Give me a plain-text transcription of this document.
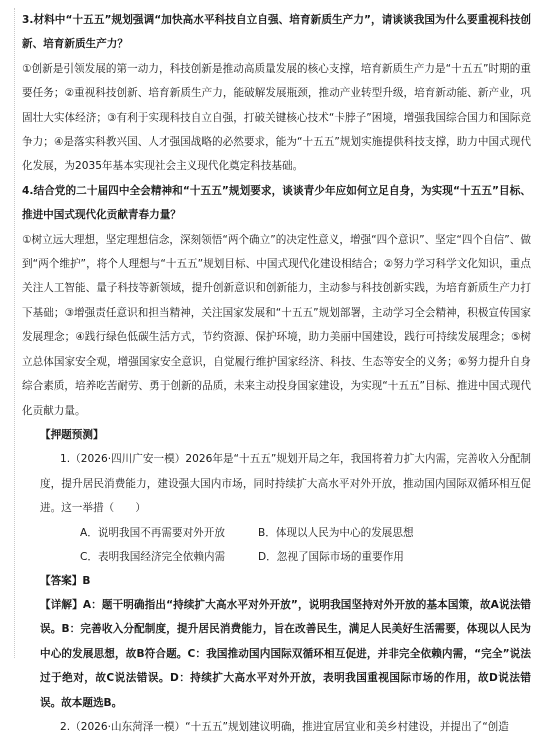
3.材料中“十五五”规划强调“加快高水平科技自立自强、培育新质生产力”，请谈谈我国为什么要重视科技创新、培育新质生产力？

①创新是引领发展的第一动力，科技创新是推动高质量发展的核心支撑，培育新质生产力是“十五五”时期的重要任务；②重视科技创新、培育新质生产力，能破解发展瓶颈，推动产业转型升级，培育新动能、新产业，巩固壮大实体经济；③有利于实现科技自立自强，打破关键核心技术“卡脖子”困境，增强我国综合国力和国际竞争力；④是落实科教兴国、人才强国战略的必然要求，能为“十五五”规划实施提供科技支撑，助力中国式现代化发展，为2035年基本实现社会主义现代化奠定科技基础。

4.结合党的二十届四中全会精神和“十五五”规划要求，谈谈青少年应如何立足自身，为实现“十五五”目标、推进中国式现代化贡献青春力量？

①树立远大理想，坚定理想信念，深刻领悟“两个确立”的决定性意义，增强“四个意识”、坚定“四个自信”、做到“两个维护”，将个人理想与“十五五”规划目标、中国式现代化建设相结合；②努力学习科学文化知识，重点关注人工智能、量子科技等新领域，提升创新意识和创新能力，主动参与科技创新实践，为培育新质生产力打下基础；③增强责任意识和担当精神，关注国家发展和“十五五”规划部署，主动学习全会精神，积极宣传国家发展理念；④践行绿色低碳生活方式，节约资源、保护环境，助力美丽中国建设，践行可持续发展理念；⑤树立总体国家安全观，增强国家安全意识，自觉履行维护国家经济、科技、生态等安全的义务；⑥努力提升自身综合素质，培养吃苦耐劳、勇于创新的品质，未来主动投身国家建设，为实现“十五五”目标、推进中国式现代化贡献力量。

【押题预测】

1.（2026·四川广安一模）2026年是“十五五”规划开局之年，我国将着力扩大内需，完善收入分配制度，提升居民消费能力，建设强大国内市场，同时持续扩大高水平对外开放，推动国内国际双循环相互促进。这一举措（　　）

A．说明我国不再需要对外开放	B．体现以人民为中心的发展思想
C．表明我国经济完全依赖内需	D．忽视了国际市场的重要作用

【答案】B

【详解】A：题干明确指出“持续扩大高水平对外开放”，说明我国坚持对外开放的基本国策，故A说法错误。B：完善收入分配制度，提升居民消费能力，旨在改善民生，满足人民美好生活需要，体现以人民为中心的发展思想，故B符合题。C：我国推动国内国际双循环相互促进，并非完全依赖内需，“完全”说法过于绝对，故C说法错误。D：持续扩大高水平对外开放，表明我国重视国际市场的作用，故D说法错误。故本题选B。

2.（2026·山东菏泽一模）“十五五”规划建议明确，推进宜居宜业和美乡村建设，并提出了“创造
